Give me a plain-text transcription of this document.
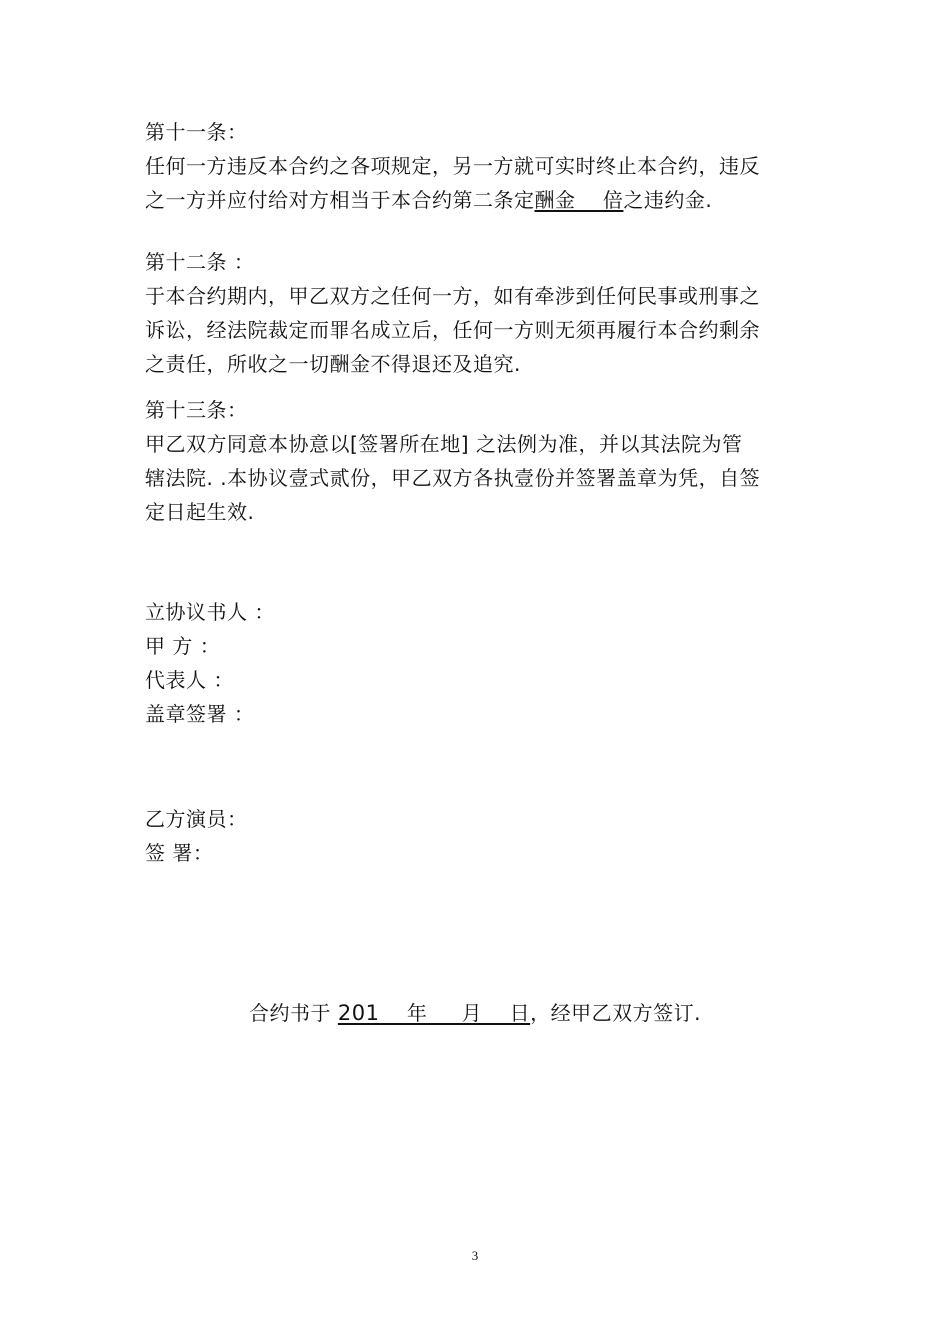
第十一条：
任何一方违反本合约之各项规定，另一方就可实时终止本合约，违反
之一方并应付给对方相当于本合约第二条定酬金    倍之违约金.
第十二条 ：
于本合约期内，甲乙双方之任何一方，如有牵涉到任何民事或刑事之
诉讼，经法院裁定而罪名成立后，任何一方则无须再履行本合约剩余
之责任，所收之一切酬金不得退还及追究.
第十三条：
甲乙双方同意本协意以[签署所在地] 之法例为准，并以其法院为管
辖法院. .本协议壹式贰份，甲乙双方各执壹份并签署盖章为凭，自签
定日起生效.
立协议书人 ：
甲 方 ：
代表人 ：
盖章签署 ：
乙方演员：
签 署：
合约书于 201    年     月    日，经甲乙双方签订.
3
